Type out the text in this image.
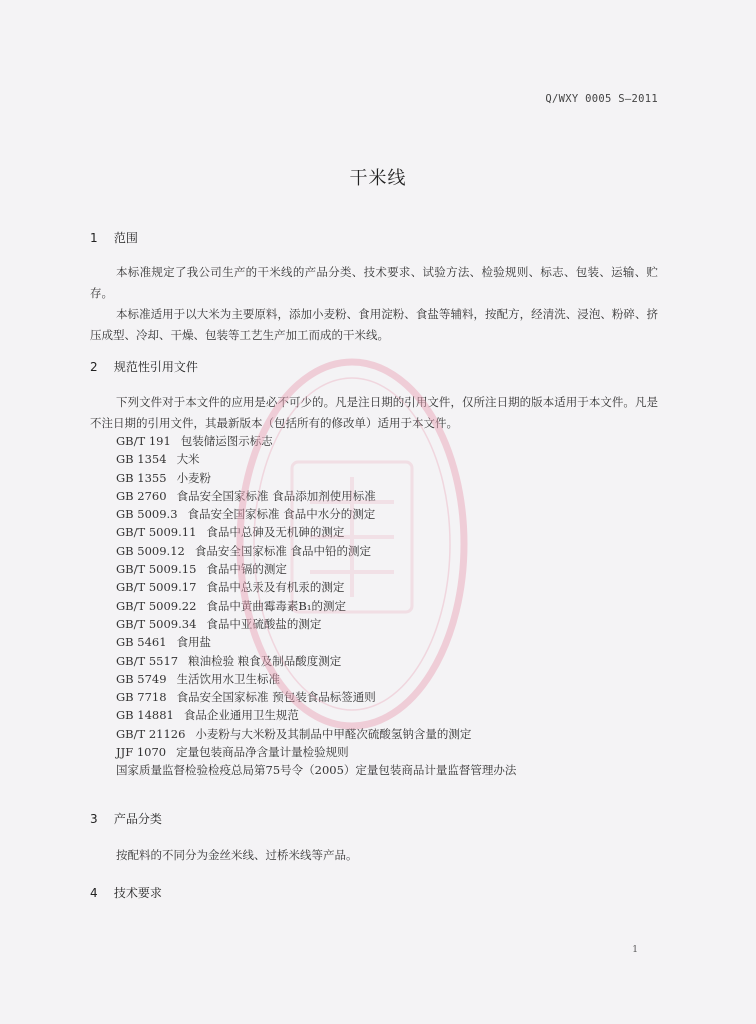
Q/WXY 0005 S—2011
干米线
1 范围
本标准规定了我公司生产的干米线的产品分类、技术要求、试验方法、检验规则、标志、包装、运输、贮存。
本标准适用于以大米为主要原料，添加小麦粉、食用淀粉、食盐等辅料，按配方，经清洗、浸泡、粉碎、挤压成型、冷却、干燥、包装等工艺生产加工而成的干米线。
2 规范性引用文件
下列文件对于本文件的应用是必不可少的。凡是注日期的引用文件，仅所注日期的版本适用于本文件。凡是不注日期的引用文件，其最新版本（包括所有的修改单）适用于本文件。
GB/T 191 包装储运图示标志
GB 1354 大米
GB 1355 小麦粉
GB 2760 食品安全国家标准 食品添加剂使用标准
GB 5009.3 食品安全国家标准 食品中水分的测定
GB/T 5009.11 食品中总砷及无机砷的测定
GB 5009.12 食品安全国家标准 食品中铅的测定
GB/T 5009.15 食品中镉的测定
GB/T 5009.17 食品中总汞及有机汞的测定
GB/T 5009.22 食品中黄曲霉毒素B₁的测定
GB/T 5009.34 食品中亚硫酸盐的测定
GB 5461 食用盐
GB/T 5517 粮油检验 粮食及制品酸度测定
GB 5749 生活饮用水卫生标准
GB 7718 食品安全国家标准 预包装食品标签通则
GB 14881 食品企业通用卫生规范
GB/T 21126 小麦粉与大米粉及其制品中甲醛次硫酸氢钠含量的测定
JJF 1070 定量包装商品净含量计量检验规则
国家质量监督检验检疫总局第75号令（2005）定量包装商品计量监督管理办法
3 产品分类
按配料的不同分为金丝米线、过桥米线等产品。
4 技术要求
1
